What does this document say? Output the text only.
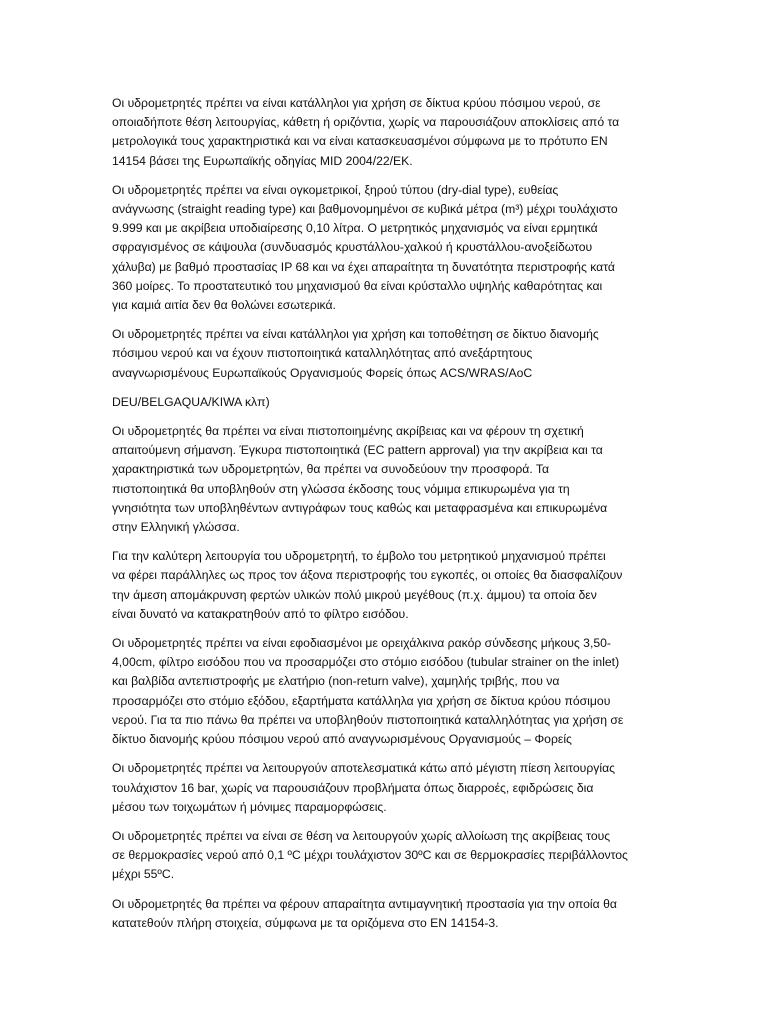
Οι υδρομετρητές πρέπει να είναι κατάλληλοι για χρήση σε δίκτυα κρύου πόσιμου νερού, σε
οποιαδήποτε θέση λειτουργίας, κάθετη ή οριζόντια, χωρίς να παρουσιάζουν αποκλίσεις από τα
μετρολογικά τους χαρακτηριστικά και να είναι κατασκευασμένοι σύμφωνα με το πρότυπο EN
14154 βάσει της Ευρωπαϊκής οδηγίας MID 2004/22/ΕΚ.

Οι υδρομετρητές πρέπει να είναι ογκομετρικοί, ξηρού τύπου (dry-dial type), ευθείας
ανάγνωσης (straight reading type) και βαθμονομημένοι σε κυβικά μέτρα (m³) μέχρι τουλάχιστο
9.999 και με ακρίβεια υποδιαίρεσης 0,10 λίτρα. Ο μετρητικός μηχανισμός να είναι ερμητικά
σφραγισμένος σε κάψουλα (συνδυασμός κρυστάλλου-χαλκού ή κρυστάλλου-ανοξείδωτου
χάλυβα) με βαθμό προστασίας IP 68 και να έχει απαραίτητα τη δυνατότητα περιστροφής κατά
360 μοίρες. Το προστατευτικό του μηχανισμού θα είναι κρύσταλλο υψηλής καθαρότητας και
για καμιά αιτία δεν θα θολώνει εσωτερικά.

Οι υδρομετρητές πρέπει να είναι κατάλληλοι για χρήση και τοποθέτηση σε δίκτυο διανομής
πόσιμου νερού και να έχουν πιστοποιητικά καταλληλότητας από ανεξάρτητους
αναγνωρισμένους Ευρωπαϊκούς Οργανισμούς Φορείς όπως ACS/WRAS/AoC

DEU/BELGAQUA/KIWA κλπ)

Οι υδρομετρητές θα πρέπει να είναι πιστοποιημένης ακρίβειας και να φέρουν τη σχετική
απαιτούμενη σήμανση. Έγκυρα πιστοποιητικά (EC pattern approval) για την ακρίβεια και τα
χαρακτηριστικά των υδρομετρητών, θα πρέπει να συνοδεύουν την προσφορά. Τα
πιστοποιητικά θα υποβληθούν στη γλώσσα έκδοσης τους νόμιμα επικυρωμένα για τη
γνησιότητα των υποβληθέντων αντιγράφων τους καθώς και μεταφρασμένα και επικυρωμένα
στην Ελληνική γλώσσα.

Για την καλύτερη λειτουργία του υδρομετρητή, το έμβολο του μετρητικού μηχανισμού πρέπει
να φέρει παράλληλες ως προς τον άξονα περιστροφής του εγκοπές, οι οποίες θα διασφαλίζουν
την άμεση απομάκρυνση φερτών υλικών πολύ μικρού μεγέθους (π.χ. άμμου) τα οποία δεν
είναι δυνατό να κατακρατηθούν από το φίλτρο εισόδου.

Οι υδρομετρητές πρέπει να είναι εφοδιασμένοι με ορειχάλκινα ρακόρ σύνδεσης μήκους 3,50-
4,00cm, φίλτρο εισόδου που να προσαρμόζει στο στόμιο εισόδου (tubular strainer on the inlet)
και βαλβίδα αντεπιστροφής με ελατήριο (non-return valve), χαμηλής τριβής, που να
προσαρμόζει στο στόμιο εξόδου, εξαρτήματα κατάλληλα για χρήση σε δίκτυα κρύου πόσιμου
νερού. Για τα πιο πάνω θα πρέπει να υποβληθούν πιστοποιητικά καταλληλότητας για χρήση σε
δίκτυο διανομής κρύου πόσιμου νερού από αναγνωρισμένους Οργανισμούς – Φορείς

Οι υδρομετρητές πρέπει να λειτουργούν αποτελεσματικά κάτω από μέγιστη πίεση λειτουργίας
τουλάχιστον 16 bar, χωρίς να παρουσιάζουν προβλήματα όπως διαρροές, εφιδρώσεις δια
μέσου των τοιχωμάτων ή μόνιμες παραμορφώσεις.

Οι υδρομετρητές πρέπει να είναι σε θέση να λειτουργούν χωρίς αλλοίωση της ακρίβειας τους
σε θερμοκρασίες νερού από 0,1 ºC μέχρι τουλάχιστον 30ºC και σε θερμοκρασίες περιβάλλοντος
μέχρι 55ºC.

Οι υδρομετρητές θα πρέπει να φέρουν απαραίτητα αντιμαγνητική προστασία για την οποία θα
κατατεθούν πλήρη στοιχεία, σύμφωνα με τα οριζόμενα στο EN 14154-3.
